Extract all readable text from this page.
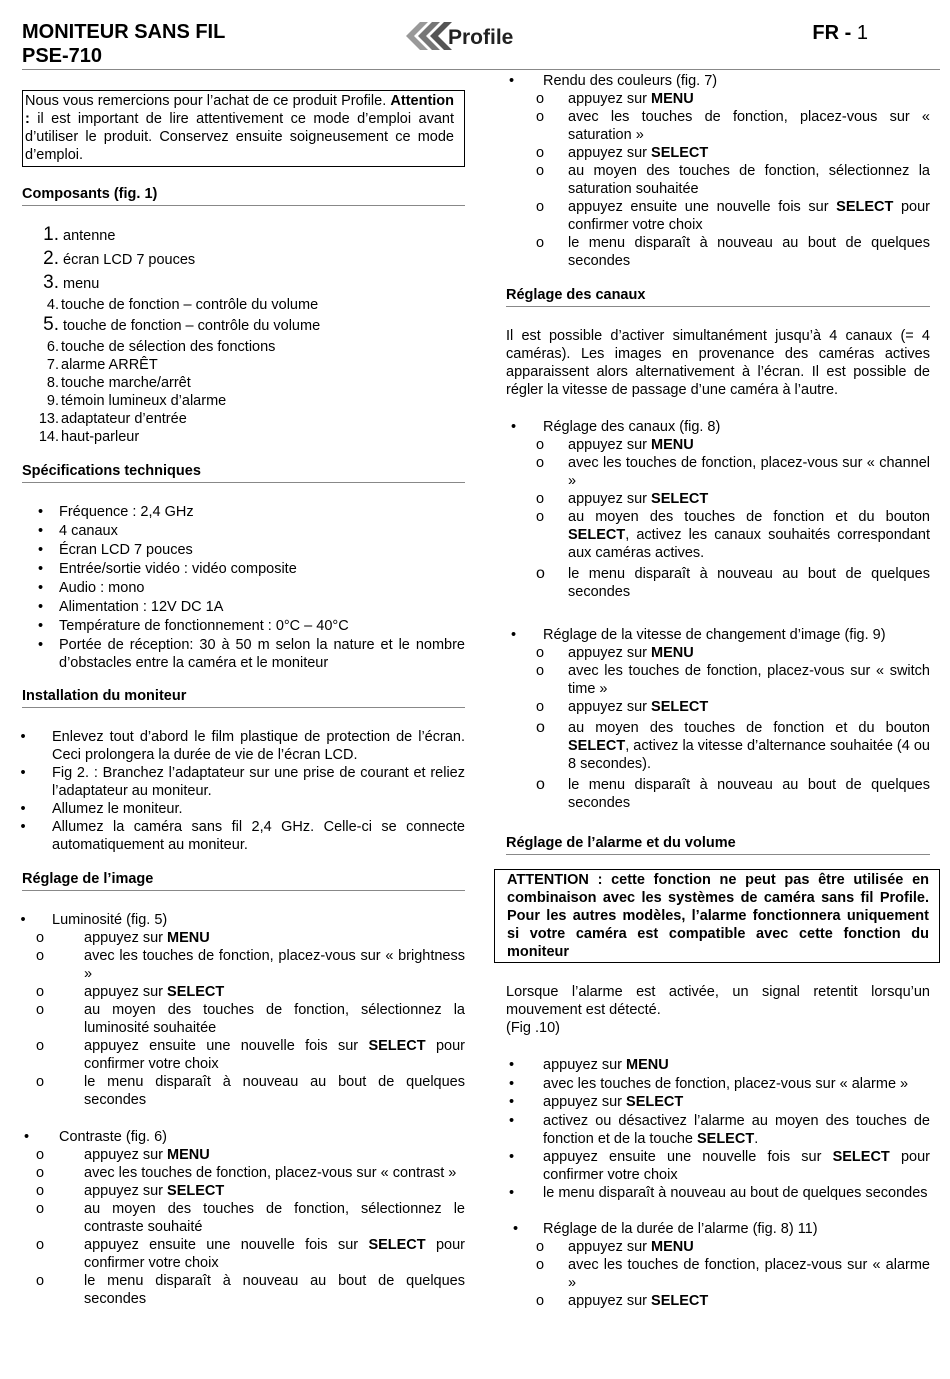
MONITEUR SANS FIL
PSE-710
Profile	FR - 1
Nous vous remercions pour l’achat de ce produit Profile. Attention : il est important de lire attentivement ce mode d’emploi avant d’utiliser le produit. Conservez ensuite soigneusement ce mode d’emploi.
Composants (fig. 1)
1. antenne
2. écran LCD 7 pouces
3. menu
4. touche de fonction – contrôle du volume
5. touche de fonction – contrôle du volume
6. touche de sélection des fonctions
7. alarme ARRÊT
8. touche marche/arrêt
9. témoin lumineux d’alarme
13. adaptateur d’entrée
14. haut-parleur
Spécifications techniques
•	Fréquence : 2,4 GHz
•	4 canaux
•	Écran LCD 7 pouces
•	Entrée/sortie vidéo : vidéo composite
•	Audio : mono
•	Alimentation : 12V DC 1A
•	Température de fonctionnement : 0°C – 40°C
•	Portée de réception: 30 à 50 m selon la nature et le nombre d’obstacles entre la caméra et le moniteur
Installation du moniteur
•	Enlevez tout d’abord le film plastique de protection de l’écran. Ceci prolongera la durée de vie de l’écran LCD.
•	Fig 2. : Branchez l’adaptateur sur une prise de courant et reliez l’adaptateur au moniteur.
•	Allumez le moniteur.
•	Allumez la caméra sans fil 2,4 GHz. Celle-ci se connecte automatiquement au moniteur.
Réglage de l’image
•	Luminosité (fig. 5)
o	appuyez sur MENU
o	avec les touches de fonction, placez-vous sur « brightness »
o	appuyez sur SELECT
o	au moyen des touches de fonction, sélectionnez la luminosité souhaitée
o	appuyez ensuite une nouvelle fois sur SELECT pour confirmer votre choix
o	le menu disparaît à nouveau au bout de quelques secondes
•	Contraste (fig. 6)
o	appuyez sur MENU
o	avec les touches de fonction, placez-vous sur « contrast »
o	appuyez sur SELECT
o	au moyen des touches de fonction, sélectionnez le contraste souhaité
o	appuyez ensuite une nouvelle fois sur SELECT pour confirmer votre choix
o	le menu disparaît à nouveau au bout de quelques secondes
•	Rendu des couleurs (fig. 7)
o	appuyez sur MENU
o	avec les touches de fonction, placez-vous sur « saturation »
o	appuyez sur SELECT
o	au moyen des touches de fonction, sélectionnez la saturation souhaitée
o	appuyez ensuite une nouvelle fois sur SELECT pour confirmer votre choix
o	le menu disparaît à nouveau au bout de quelques secondes
Réglage des canaux

Il est possible d’activer simultanément jusqu’à 4 canaux (= 4 caméras). Les images en provenance des caméras actives apparaissent alors alternativement à l’écran. Il est possible de régler la vitesse de passage d’une caméra à l’autre.

•	Réglage des canaux (fig. 8)
o	appuyez sur MENU
o	avec les touches de fonction, placez-vous sur « channel »
o	appuyez sur SELECT
o	au moyen des touches de fonction et du bouton SELECT, activez les canaux souhaités correspondant aux caméras actives.
o	le menu disparaît à nouveau au bout de quelques secondes
•	Réglage de la vitesse de changement d’image (fig. 9)
o	appuyez sur MENU
o	avec les touches de fonction, placez-vous sur « switch time »
o	appuyez sur SELECT
o	au moyen des touches de fonction et du bouton SELECT, activez la vitesse d’alternance souhaitée (4 ou 8 secondes).
o	le menu disparaît à nouveau au bout de quelques secondes
Réglage de l’alarme et du volume
ATTENTION : cette fonction ne peut pas être utilisée en combinaison avec les systèmes de caméra sans fil Profile. Pour les autres modèles, l’alarme fonctionnera uniquement si votre caméra est compatible avec cette fonction du moniteur

Lorsque l’alarme est activée, un signal retentit lorsqu’un mouvement est détecté.

(Fig .10)

•	appuyez sur MENU
•	avec les touches de fonction, placez-vous sur « alarme »
•	appuyez sur SELECT
•	activez ou désactivez l’alarme au moyen des touches de fonction et de la touche SELECT.
•	appuyez ensuite une nouvelle fois sur SELECT pour confirmer votre choix
•	le menu disparaît à nouveau au bout de quelques secondes
•	Réglage de la durée de l’alarme (fig. 8) 11)
o	appuyez sur MENU
o	avec les touches de fonction, placez-vous sur « alarme »
o	appuyez sur SELECT
